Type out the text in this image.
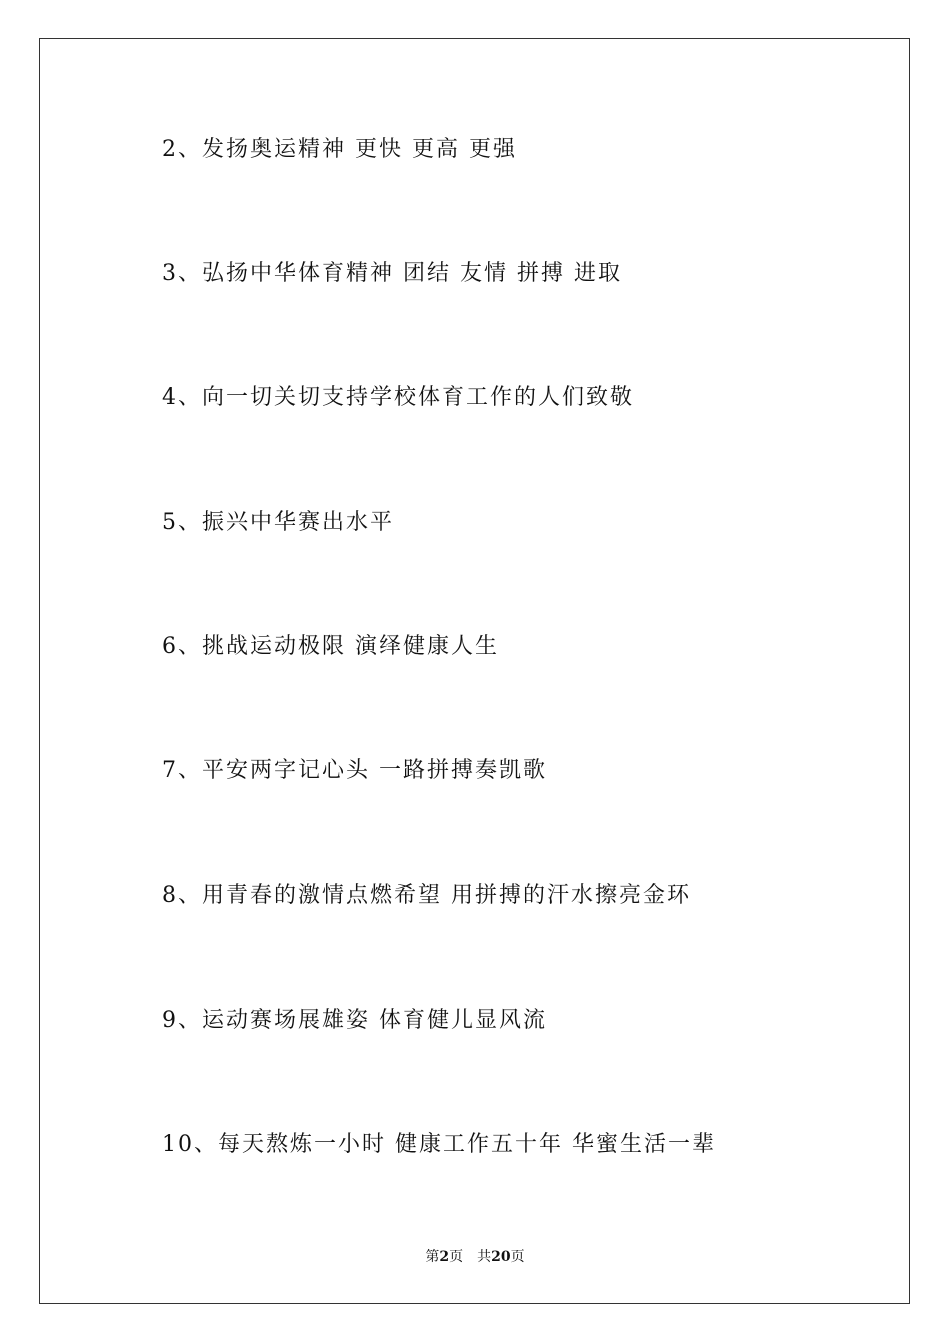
2、发扬奥运精神 更快 更高 更强
3、弘扬中华体育精神 团结 友情 拼搏 进取
4、向一切关切支持学校体育工作的人们致敬
5、振兴中华赛出水平
6、挑战运动极限 演绎健康人生
7、平安两字记心头 一路拼搏奏凯歌
8、用青春的激情点燃希望 用拼搏的汗水擦亮金环
9、运动赛场展雄姿 体育健儿显风流
10、每天熬炼一小时 健康工作五十年 华蜜生活一辈
第2页 共20页
